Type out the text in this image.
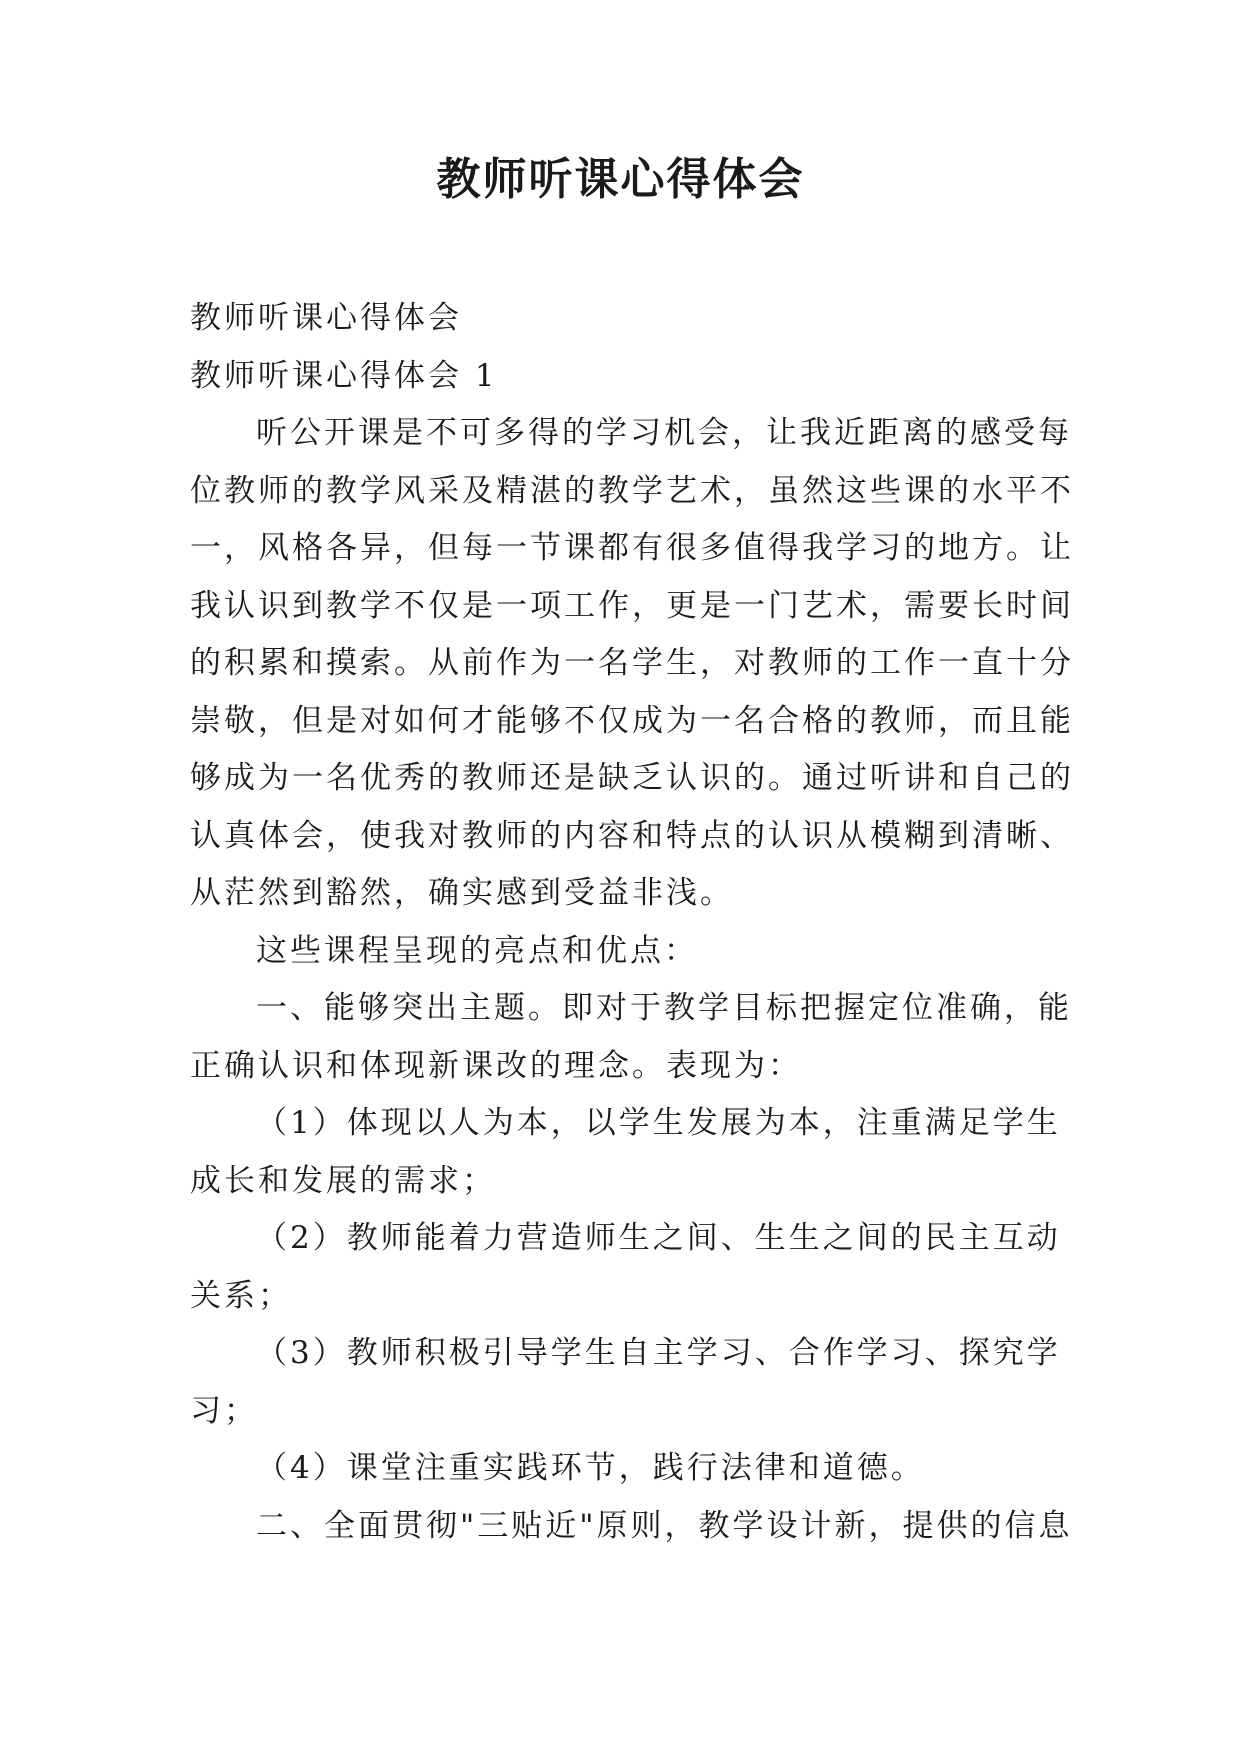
教师听课心得体会
教师听课心得体会
教师听课心得体会 1
听公开课是不可多得的学习机会，让我近距离的感受每
位教师的教学风采及精湛的教学艺术，虽然这些课的水平不
一，风格各异，但每一节课都有很多值得我学习的地方。让
我认识到教学不仅是一项工作，更是一门艺术，需要长时间
的积累和摸索。从前作为一名学生，对教师的工作一直十分
崇敬，但是对如何才能够不仅成为一名合格的教师，而且能
够成为一名优秀的教师还是缺乏认识的。通过听讲和自己的
认真体会，使我对教师的内容和特点的认识从模糊到清晰、
从茫然到豁然，确实感到受益非浅。
这些课程呈现的亮点和优点：
一、能够突出主题。即对于教学目标把握定位准确，能
正确认识和体现新课改的理念。表现为：
（1）体现以人为本，以学生发展为本，注重满足学生
成长和发展的需求；
（2）教师能着力营造师生之间、生生之间的民主互动
关系；
（3）教师积极引导学生自主学习、合作学习、探究学
习；
（4）课堂注重实践环节，践行法律和道德。
二、全面贯彻"三贴近"原则，教学设计新，提供的信息
